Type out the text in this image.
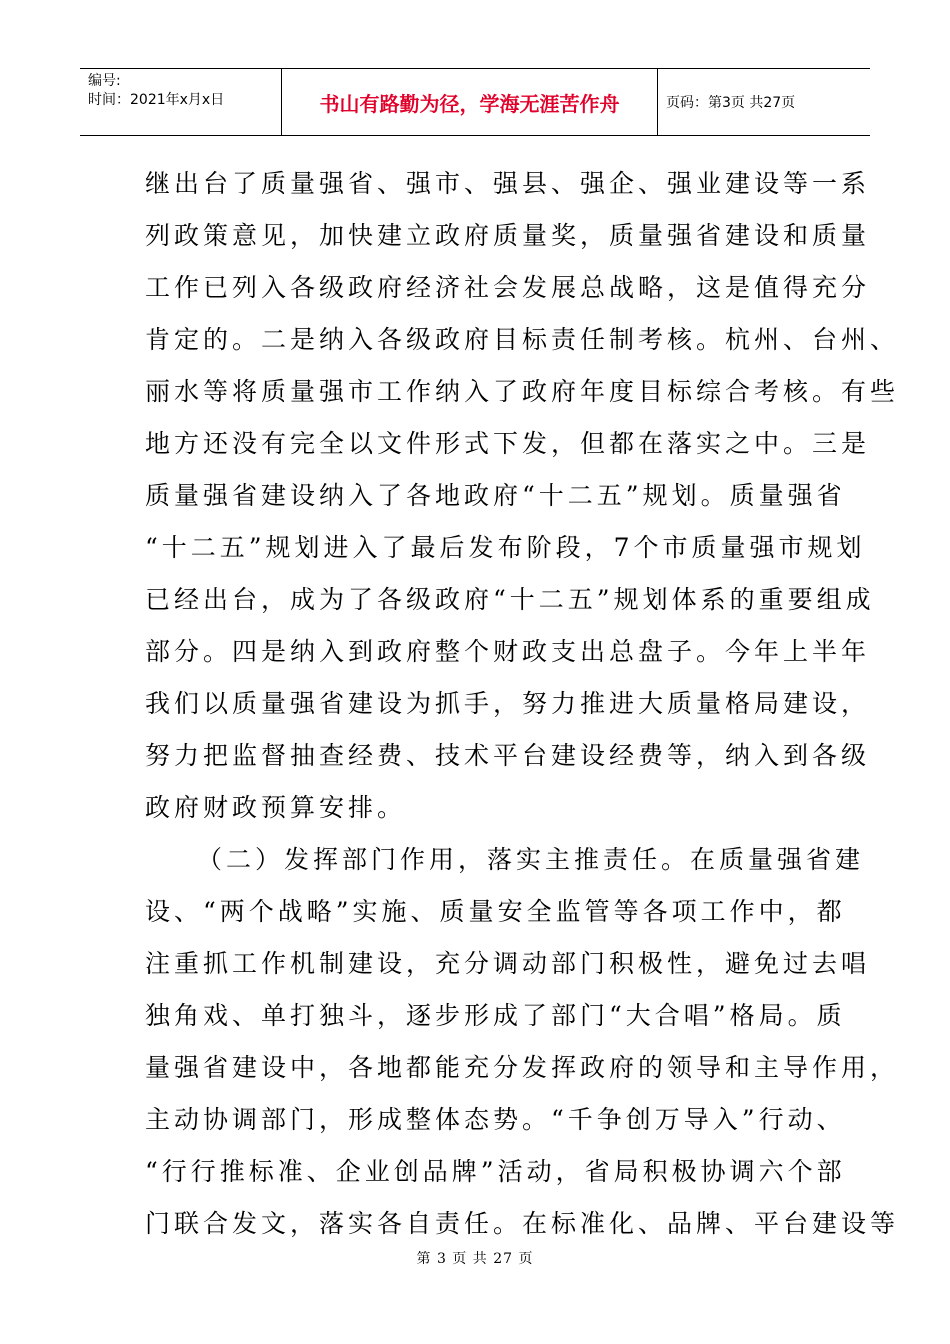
编号:
时间：2021年x月x日	书山有路勤为径，学海无涯苦作舟	页码：第3页 共27页
继出台了质量强省、强市、强县、强企、强业建设等一系
列政策意见，加快建立政府质量奖，质量强省建设和质量
工作已列入各级政府经济社会发展总战略，这是值得充分
肯定的。二是纳入各级政府目标责任制考核。杭州、台州、
丽水等将质量强市工作纳入了政府年度目标综合考核。有些
地方还没有完全以文件形式下发，但都在落实之中。三是
质量强省建设纳入了各地政府“十二五”规划。质量强省
“十二五”规划进入了最后发布阶段，7个市质量强市规划
已经出台，成为了各级政府“十二五”规划体系的重要组成
部分。四是纳入到政府整个财政支出总盘子。今年上半年
我们以质量强省建设为抓手，努力推进大质量格局建设，
努力把监督抽查经费、技术平台建设经费等，纳入到各级
政府财政预算安排。
（二）发挥部门作用，落实主推责任。在质量强省建
设、“两个战略”实施、质量安全监管等各项工作中，都
注重抓工作机制建设，充分调动部门积极性，避免过去唱
独角戏、单打独斗，逐步形成了部门“大合唱”格局。质
量强省建设中，各地都能充分发挥政府的领导和主导作用，
主动协调部门，形成整体态势。“千争创万导入”行动、
“行行推标准、企业创品牌”活动，省局积极协调六个部
门联合发文，落实各自责任。在标准化、品牌、平台建设等
第 3 页 共 27 页
